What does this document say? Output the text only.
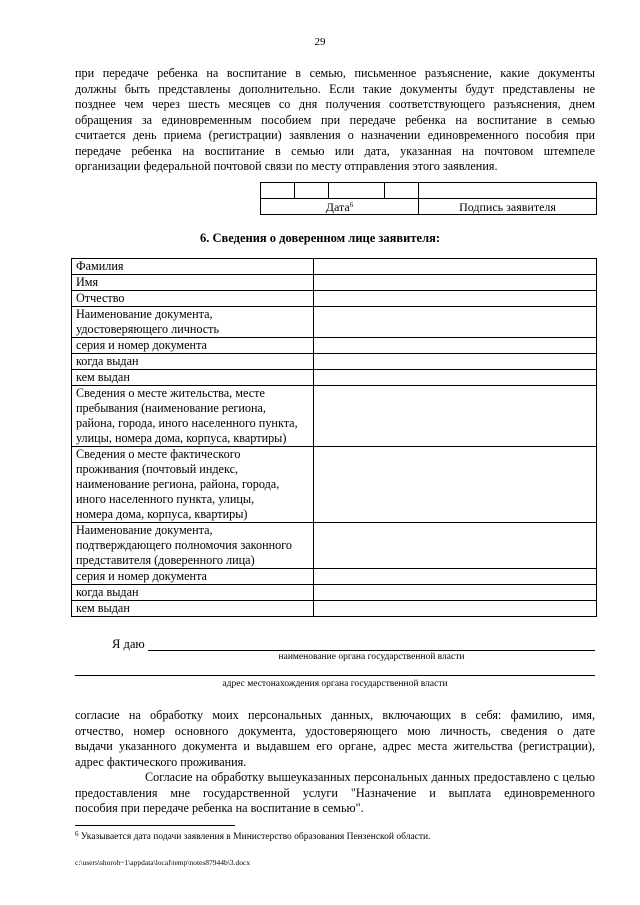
29
при передаче ребенка на воспитание в семью, письменное разъяснение, какие документы
должны быть представлены дополнительно. Если такие документы будут представлены не
позднее чем через шесть месяцев со дня получения соответствующего разъяснения, днем
обращения за единовременным пособием при передаче ребенка на воспитание в семью
считается день приема (регистрации) заявления о назначении единовременного пособия при
передаче ребенка на воспитание в семью или дата, указанная на почтовом штемпеле
организации федеральной почтовой связи по месту отправления этого заявления.

Дата$^6$				Подпись заявителя
6. Сведения о доверенном лице заявителя:
Фамилия	

Имя	

Отчество	

Наименование документа,
удостоверяющего личность	

серия и номер документа	

когда выдан	

кем выдан	

Сведения о месте жительства, месте
пребывания (наименование региона,
района, города, иного населенного пункта,
улицы, номера дома, корпуса, квартиры)	

Сведения о месте фактического
проживания (почтовый индекс,
наименование региона, района, города,
иного населенного пункта, улицы,
номера дома, корпуса, квартиры)	

Наименование документа,
подтверждающего полномочия законного
представителя (доверенного лица)	

серия и номер документа	

когда выдан	

кем выдан	

Я даю
наименование органа государственной власти
адрес местонахождения органа государственной власти
согласие на обработку моих персональных данных, включающих в себя: фамилию, имя,
отчество, номер основного документа, удостоверяющего мою личность, сведения о дате
выдачи указанного документа и выдавшем его органе, адрес места жительства (регистрации),
адрес фактического проживания.
Согласие на обработку вышеуказанных персональных данных предоставлено с целью
предоставления мне государственной услуги "Назначение и выплата единовременного
пособия при передаче ребенка на воспитание в семью".
$^6$ Указывается дата подачи заявления в Министерство образования Пензенской области.
c:\users\shoroh~1\appdata\local\temp\notes87944b\3.docx
